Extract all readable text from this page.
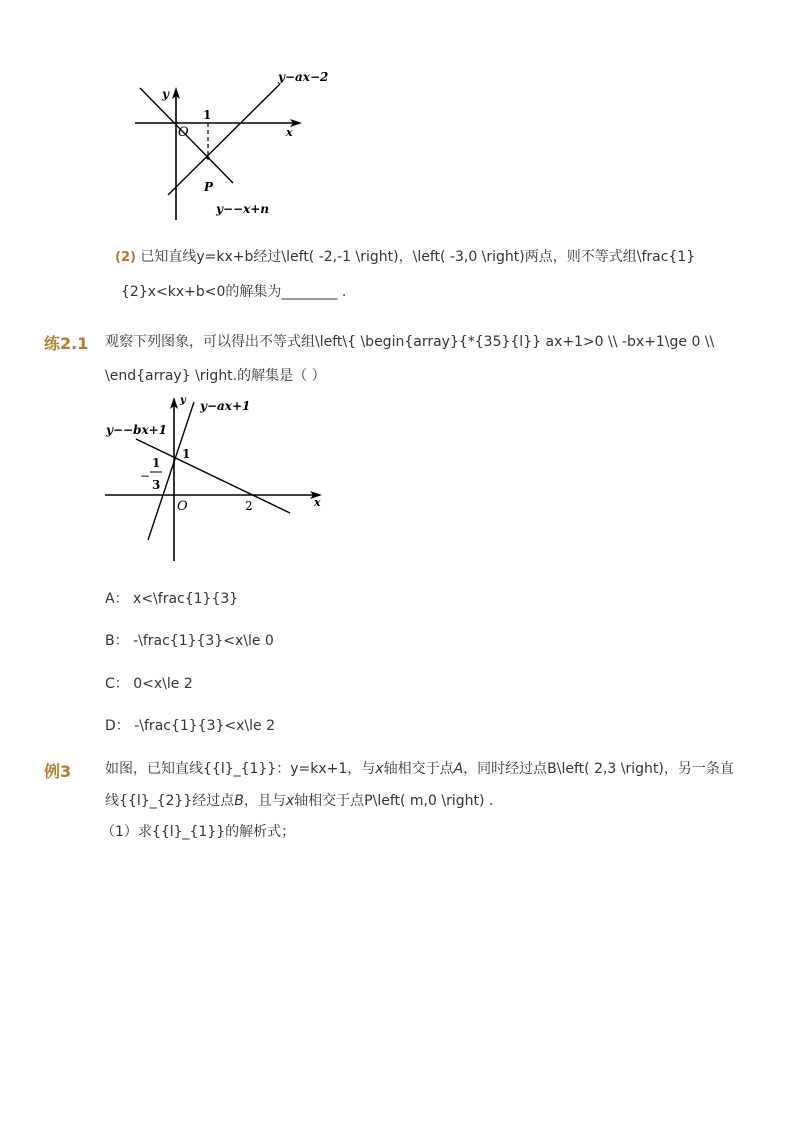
y
x
O
1
P
y−ax−2
y−−x+n
(2) 已知直线y=kx+b经过\left( -2,-1 \right)，\left( -3,0 \right)两点，则不等式组\frac{1}
{2}x<kx+b<0的解集为________ .
练2.1 观察下列图象，可以得出不等式组\left\{ \begin{array}{*{35}{l}} ax+1>0 \\ -bx+1\ge 0 \\
\end{array} \right.的解集是（ ）
y
x
O
1
2
−
1
3
y−ax+1
y−−bx+1
A： x<\frac{1}{3}
B： -\frac{1}{3}<x\le 0
C： 0<x\le 2
D： -\frac{1}{3}<x\le 2
例3 如图，已知直线{{l}_{1}}：y=kx+1，与x轴相交于点A，同时经过点B\left( 2,3 \right)，另一条直
线{{l}_{2}}经过点B，且与x轴相交于点P\left( m,0 \right) .
（1）求{{l}_{1}}的解析式；
